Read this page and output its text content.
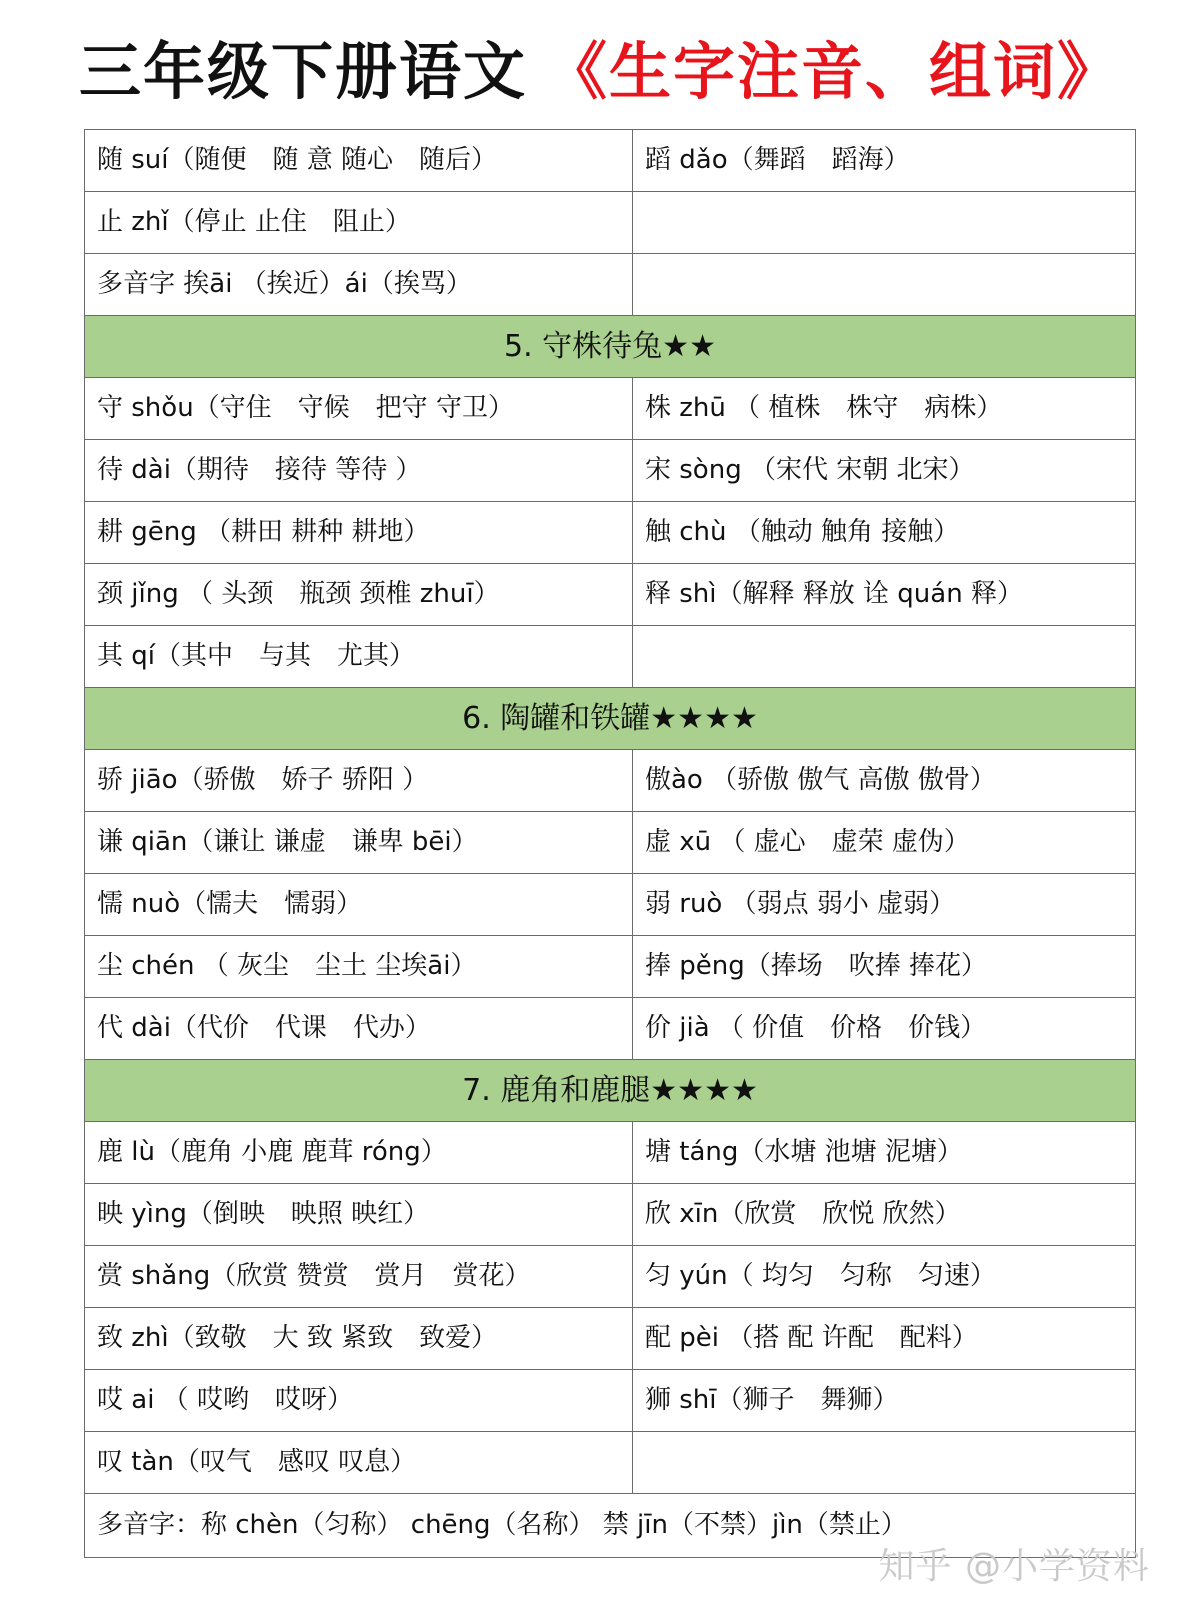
三年级下册语文 《生字注音、组词》
随 suí（随便　随 意 随心　随后）	蹈 dǎo（舞蹈　蹈海）
止 zhǐ（停止 止住　阻止）	
多音字 挨āi （挨近）ái（挨骂）	
5. 守株待兔★★	
守 shǒu（守住　守候　把守 守卫）	株 zhū （ 植株　株守　病株）
待 dài（期待　接待 等待 ）	宋 sòng （宋代 宋朝 北宋）
耕 gēng （耕田 耕种 耕地）	触 chù （触动 触角 接触）
颈 jǐng （ 头颈　瓶颈 颈椎 zhuī）	释 shì（解释 释放 诠 quán 释）
其 qí（其中　与其　尤其）	
6. 陶罐和铁罐★★★★	
骄 jiāo（骄傲　娇子 骄阳 ）	傲ào （骄傲 傲气 高傲 傲骨）
谦 qiān（谦让 谦虚　谦卑 bēi）	虚 xū （ 虚心　虚荣 虚伪）
懦 nuò（懦夫　懦弱）	弱 ruò （弱点 弱小 虚弱）
尘 chén （ 灰尘　尘土 尘埃āi）	捧 pěng（捧场　吹捧 捧花）
代 dài（代价　代课　代办）	价 jià （ 价值　价格　价钱）
7. 鹿角和鹿腿★★★★	
鹿 lù（鹿角 小鹿 鹿茸 róng）	塘 táng（水塘 池塘 泥塘）
映 yìng（倒映　映照 映红）	欣 xīn（欣赏　欣悦 欣然）
赏 shǎng（欣赏 赞赏　赏月　赏花）	匀 yún（ 均匀　匀称　匀速）
致 zhì（致敬　大 致 紧致　致爱）	配 pèi （搭 配 许配　配料）
哎 ai （ 哎哟　哎呀）	狮 shī（狮子　舞狮）
叹 tàn（叹气　感叹 叹息）	
多音字：称 chèn（匀称） chēng（名称） 禁 jīn（不禁）jìn（禁止）	
知乎 @小学资料
